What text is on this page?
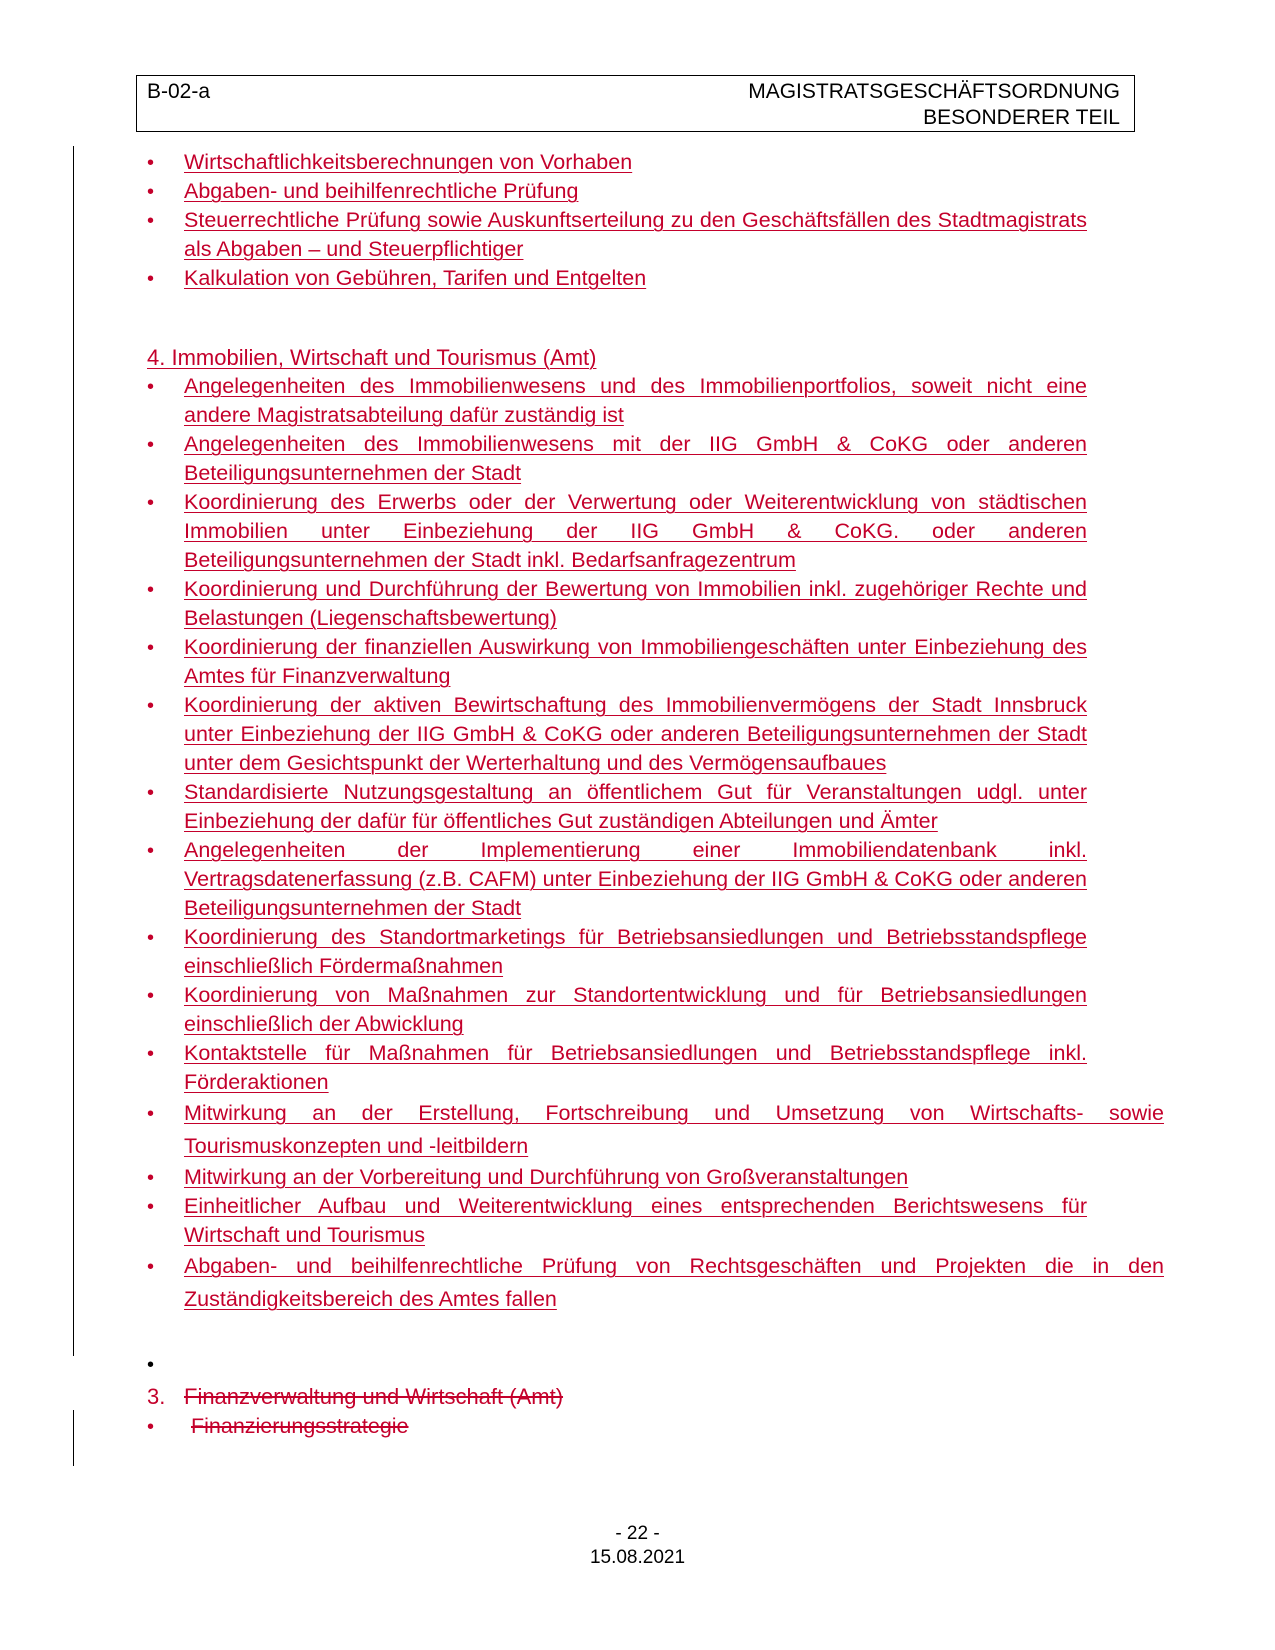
B-02-a	MAGISTRATSGESCHÄFTSORDNUNG
BESONDERER TEIL
•
Wirtschaftlichkeitsberechnungen von Vorhaben
•
Abgaben- und beihilfenrechtliche Prüfung
•
Steuerrechtliche Prüfung sowie Auskunftserteilung zu den Geschäftsfällen des Stadtmagistrats als Abgaben – und Steuerpflichtiger
•
Kalkulation von Gebühren, Tarifen und Entgelten
4. Immobilien, Wirtschaft und Tourismus (Amt)
•
Angelegenheiten des Immobilienwesens und des Immobilienportfolios, soweit nicht eine andere Magistratsabteilung dafür zuständig ist
•
Angelegenheiten des Immobilienwesens mit der IIG GmbH & CoKG oder anderen Beteiligungsunternehmen der Stadt
•
Koordinierung des Erwerbs oder der Verwertung oder Weiterentwicklung von städtischen Immobilien unter Einbeziehung der IIG GmbH & CoKG. oder anderen Beteiligungsunternehmen der Stadt inkl. Bedarfsanfragezentrum
•
Koordinierung und Durchführung der Bewertung von Immobilien inkl. zugehöriger Rechte und Belastungen (Liegenschaftsbewertung)
•
Koordinierung der finanziellen Auswirkung von Immobiliengeschäften unter Einbeziehung des Amtes für Finanzverwaltung
•
Koordinierung der aktiven Bewirtschaftung des Immobilienvermögens der Stadt Innsbruck unter Einbeziehung der IIG GmbH & CoKG oder anderen Beteiligungsunternehmen der Stadt unter dem Gesichtspunkt der Werterhaltung und des Vermögensaufbaues
•
Standardisierte Nutzungsgestaltung an öffentlichem Gut für Veranstaltungen udgl. unter Einbeziehung der dafür für öffentliches Gut zuständigen Abteilungen und Ämter
•
Angelegenheiten der Implementierung einer Immobiliendatenbank inkl. Vertragsdatenerfassung (z.B. CAFM) unter Einbeziehung der IIG GmbH & CoKG oder anderen Beteiligungsunternehmen der Stadt
•
Koordinierung des Standortmarketings für Betriebsansiedlungen und Betriebsstandspflege einschließlich Fördermaßnahmen
•
Koordinierung von Maßnahmen zur Standortentwicklung und für Betriebsansiedlungen einschließlich der Abwicklung
•
Kontaktstelle für Maßnahmen für Betriebsansiedlungen und Betriebsstandspflege inkl. Förderaktionen
•
Mitwirkung an der Erstellung, Fortschreibung und Umsetzung von Wirtschafts- sowie Tourismuskonzepten und -leitbildern
•
Mitwirkung an der Vorbereitung und Durchführung von Großveranstaltungen
•
Einheitlicher Aufbau und Weiterentwicklung eines entsprechenden Berichtswesens für Wirtschaft und Tourismus
•
Abgaben- und beihilfenrechtliche Prüfung von Rechtsgeschäften und Projekten die in den Zuständigkeitsbereich des Amtes fallen
•
3. Finanzverwaltung und Wirtschaft (Amt)
•
Finanzierungsstrategie
- 22 -
15.08.2021
